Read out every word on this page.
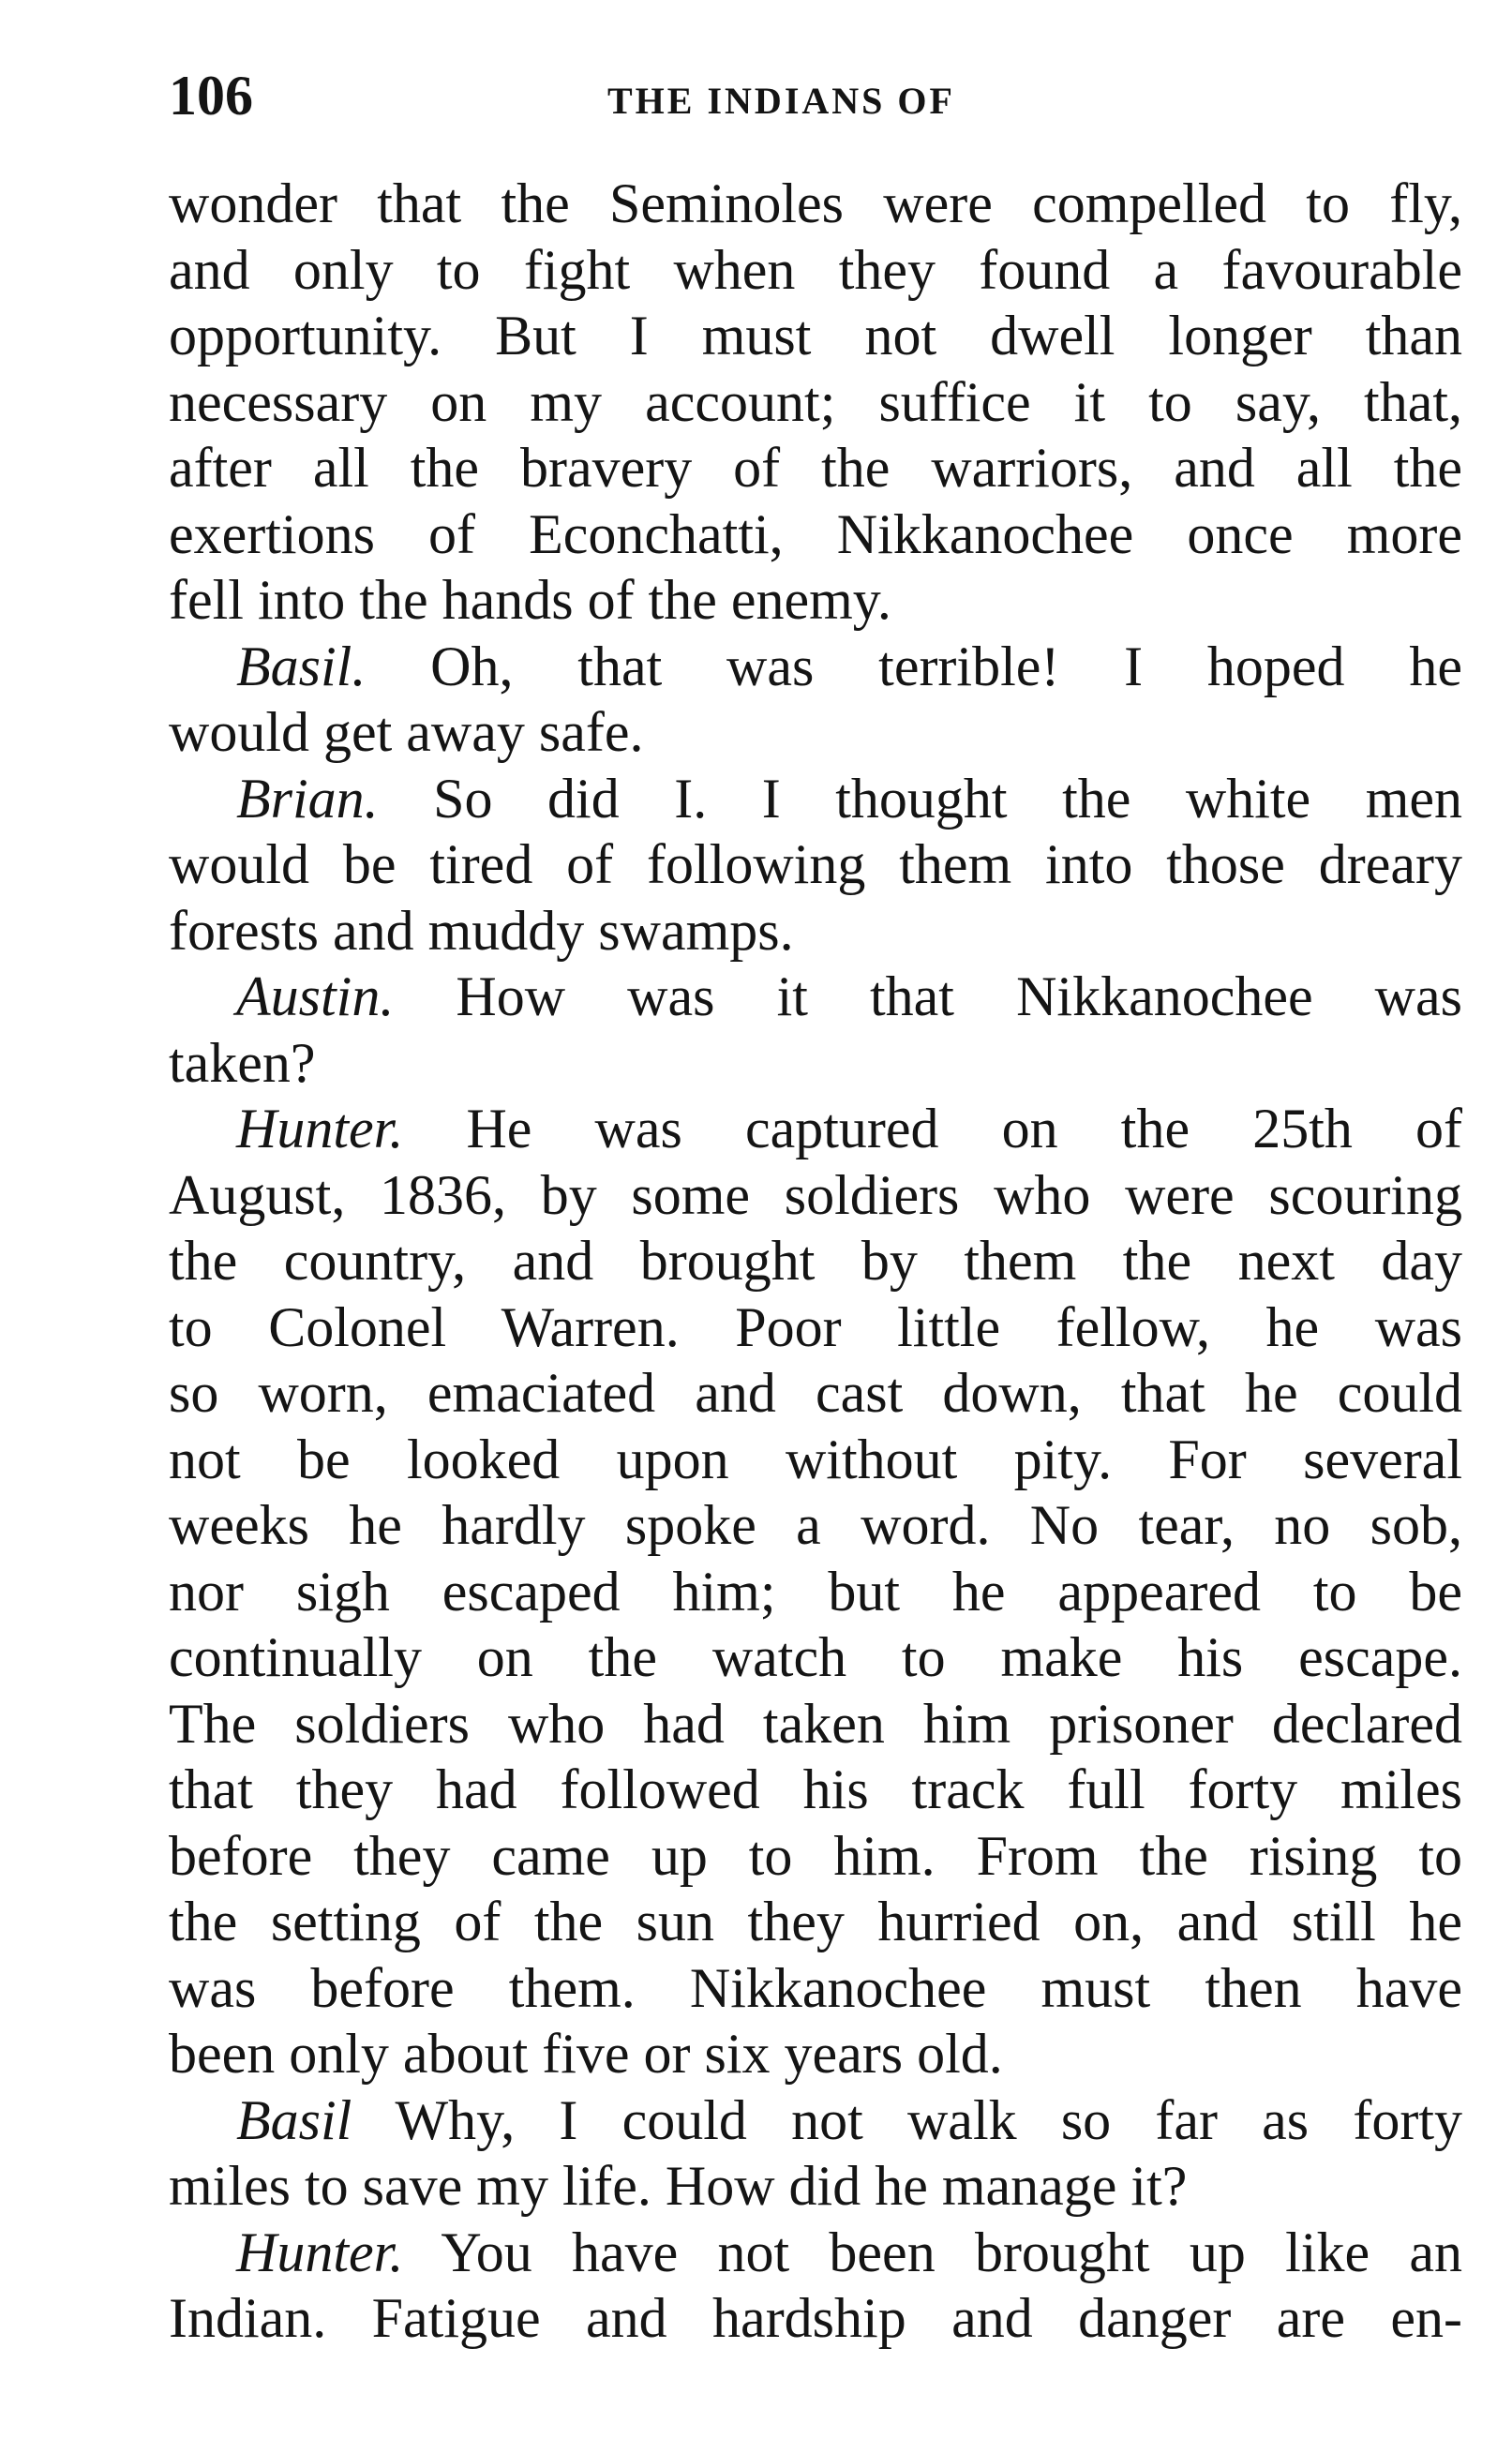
106	THE INDIANS OF
wonder that the Seminoles were compelled to fly,
and only to fight when they found a favourable
opportunity. But I must not dwell longer than
necessary on my account; suffice it to say, that,
after all the bravery of the warriors, and all the
exertions of Econchatti, Nikkanochee once more
fell into the hands of the enemy.
Basil. Oh, that was terrible! I hoped he
would get away safe.
Brian. So did I. I thought the white men
would be tired of following them into those dreary
forests and muddy swamps.
Austin. How was it that Nikkanochee was
taken?
Hunter. He was captured on the 25th of
August, 1836, by some soldiers who were scouring
the country, and brought by them the next day
to Colonel Warren. Poor little fellow, he was
so worn, emaciated and cast down, that he could
not be looked upon without pity. For several
weeks he hardly spoke a word. No tear, no sob,
nor sigh escaped him; but he appeared to be
continually on the watch to make his escape.
The soldiers who had taken him prisoner declared
that they had followed his track full forty miles
before they came up to him. From the rising to
the setting of the sun they hurried on, and still he
was before them. Nikkanochee must then have
been only about five or six years old.
Basil Why, I could not walk so far as forty
miles to save my life. How did he manage it?
Hunter. You have not been brought up like an
Indian. Fatigue and hardship and danger are en-
